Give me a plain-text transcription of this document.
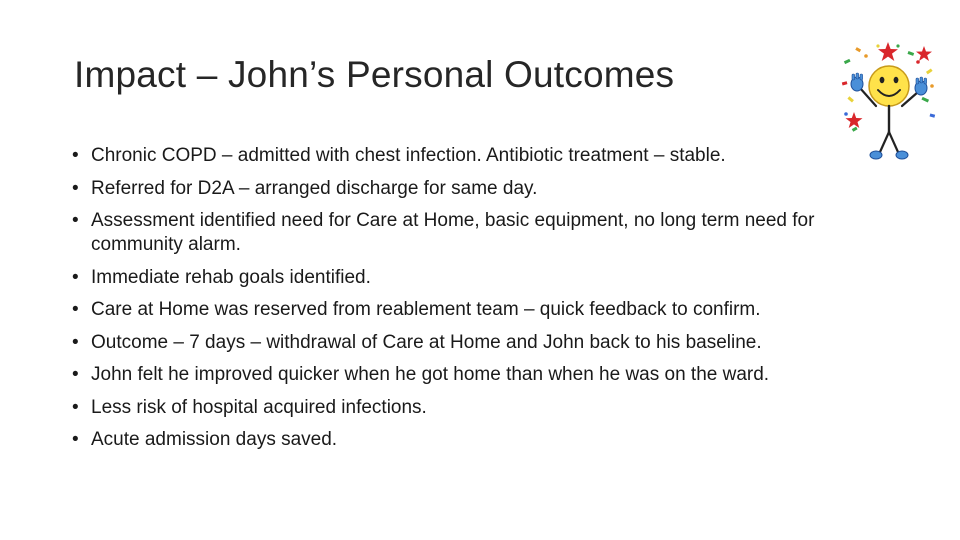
Impact – John’s Personal Outcomes
• Chronic COPD – admitted with chest infection. Antibiotic treatment – stable.
• Referred for D2A – arranged discharge for same day.
• Assessment identified need for Care at Home, basic equipment, no long term need for community alarm.
• Immediate rehab goals identified.
• Care at Home was reserved from reablement team – quick feedback to confirm.
• Outcome – 7 days – withdrawal of Care at Home and John back to his baseline.
• John felt he improved quicker when he got home than when he was on the ward.
• Less risk of hospital acquired infections.
• Acute admission days saved.
